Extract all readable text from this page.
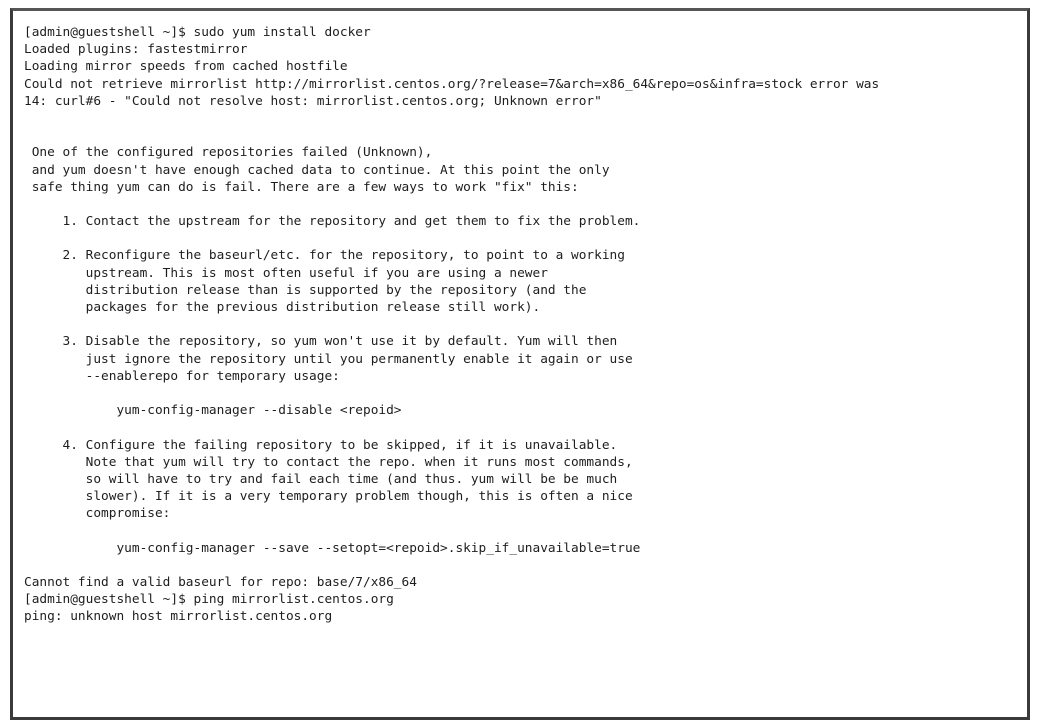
[admin@guestshell ~]$ sudo yum install docker
Loaded plugins: fastestmirror
Loading mirror speeds from cached hostfile
Could not retrieve mirrorlist http://mirrorlist.centos.org/?release=7&arch=x86_64&repo=os&infra=stock error was
14: curl#6 - "Could not resolve host: mirrorlist.centos.org; Unknown error"
One of the configured repositories failed (Unknown),
and yum doesn't have enough cached data to continue. At this point the only
safe thing yum can do is fail. There are a few ways to work "fix" this:
1. Contact the upstream for the repository and get them to fix the problem.
2. Reconfigure the baseurl/etc. for the repository, to point to a working
upstream. This is most often useful if you are using a newer
distribution release than is supported by the repository (and the
packages for the previous distribution release still work).
3. Disable the repository, so yum won't use it by default. Yum will then
just ignore the repository until you permanently enable it again or use
--enablerepo for temporary usage:
yum-config-manager --disable <repoid>
4. Configure the failing repository to be skipped, if it is unavailable.
Note that yum will try to contact the repo. when it runs most commands,
so will have to try and fail each time (and thus. yum will be be much
slower). If it is a very temporary problem though, this is often a nice
compromise:
yum-config-manager --save --setopt=<repoid>.skip_if_unavailable=true
Cannot find a valid baseurl for repo: base/7/x86_64
[admin@guestshell ~]$ ping mirrorlist.centos.org
ping: unknown host mirrorlist.centos.org
